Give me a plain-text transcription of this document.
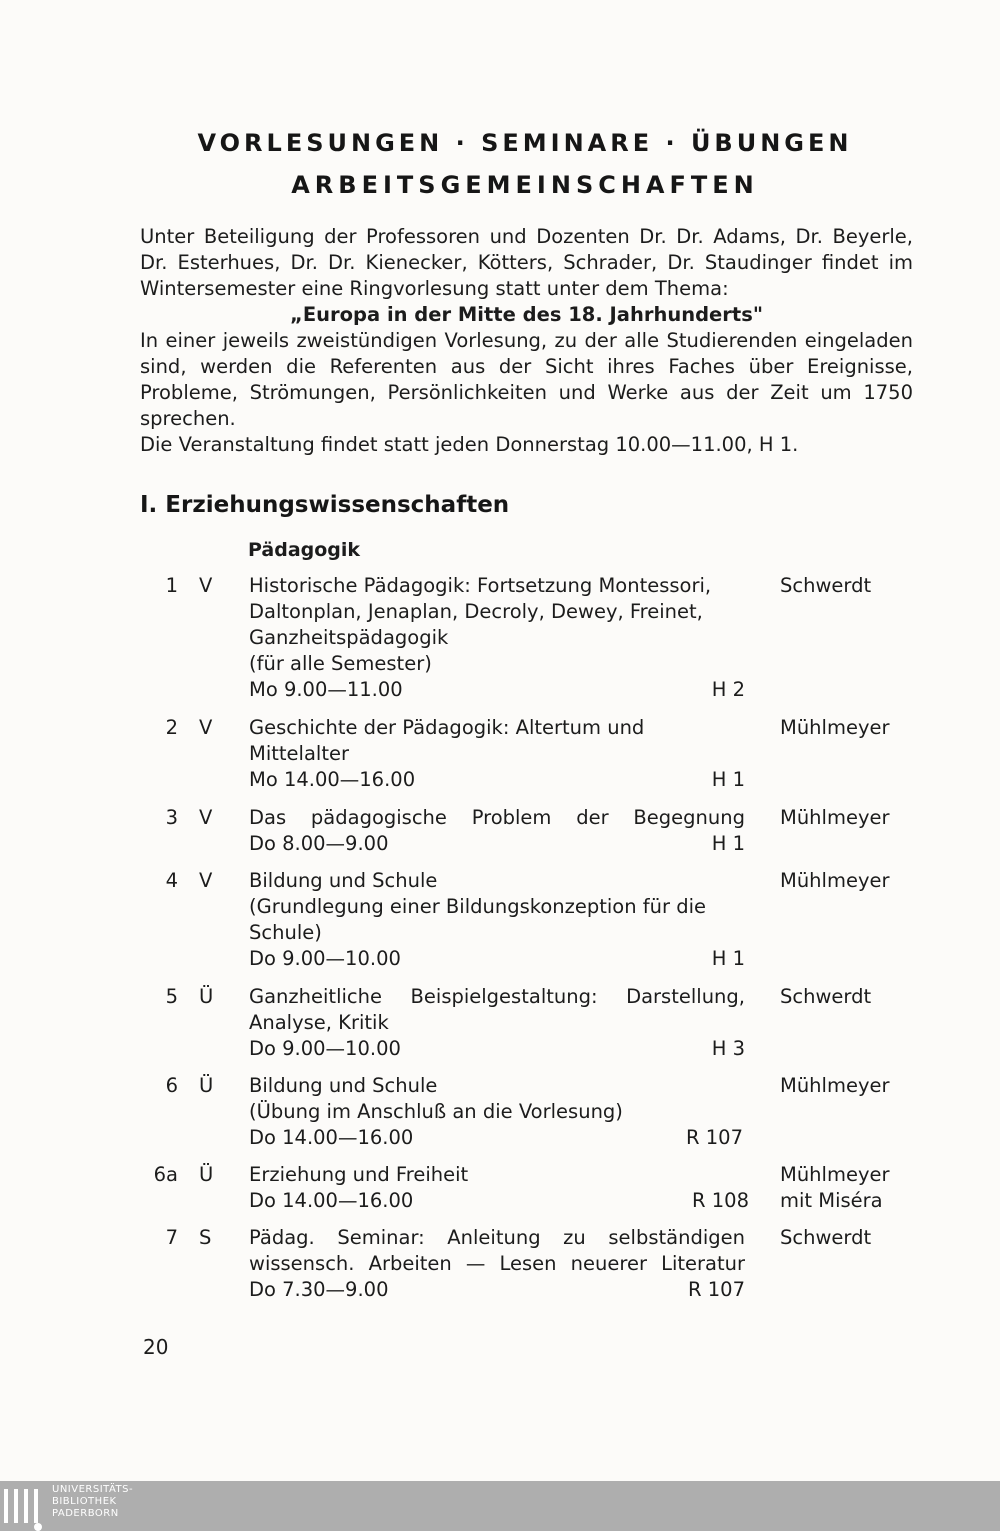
VORLESUNGEN · SEMINARE · ÜBUNGEN
ARBEITSGEMEINSCHAFTEN

Unter Beteiligung der Professoren und Dozenten Dr. Dr. Adams, Dr. Beyerle, Dr. Esterhues, Dr. Dr. Kienecker, Kötters, Schrader, Dr. Staudinger findet im Wintersemester eine Ringvorlesung statt unter dem Thema:

„Europa in der Mitte des 18. Jahrhunderts"

In einer jeweils zweistündigen Vorlesung, zu der alle Studierenden eingeladen sind, werden die Referenten aus der Sicht ihres Faches über Ereignisse, Probleme, Strömungen, Persönlichkeiten und Werke aus der Zeit um 1750 sprechen.

Die Veranstaltung findet statt jeden Donnerstag 10.00—11.00, H 1.

I. Erziehungswissenschaften
Pädagogik
1 V Historische Pädagogik: Fortsetzung Montessori,
Daltonplan, Jenaplan, Decroly, Dewey, Freinet,
Ganzheitspädagogik
(für alle Semester)
Mo 9.00—11.00	H 2
Schwerdt
2 V Geschichte der Pädagogik: Altertum und
Mittelalter
Mo 14.00—16.00	H 1
Mühlmeyer
3 V Das pädagogische Problem der Begegnung
Do 8.00—9.00	H 1
Mühlmeyer
4 V Bildung und Schule
(Grundlegung einer Bildungskonzeption für die
Schule)
Do 9.00—10.00	H 1
Mühlmeyer
5 Ü Ganzheitliche Beispielgestaltung: Darstellung,
Analyse, Kritik
Do 9.00—10.00	H 3
Schwerdt
6 Ü Bildung und Schule
(Übung im Anschluß an die Vorlesung)
Do 14.00—16.00	R 107
Mühlmeyer
6a Ü Erziehung und Freiheit
Do 14.00—16.00	R 108
Mühlmeyer
mit Miséra
7 S Pädag. Seminar: Anleitung zu selbständigen
wissensch. Arbeiten — Lesen neuerer Literatur
Do 7.30—9.00	R 107
Schwerdt
20
UNIVERSITÄTS-
BIBLIOTHEK
PADERBORN
